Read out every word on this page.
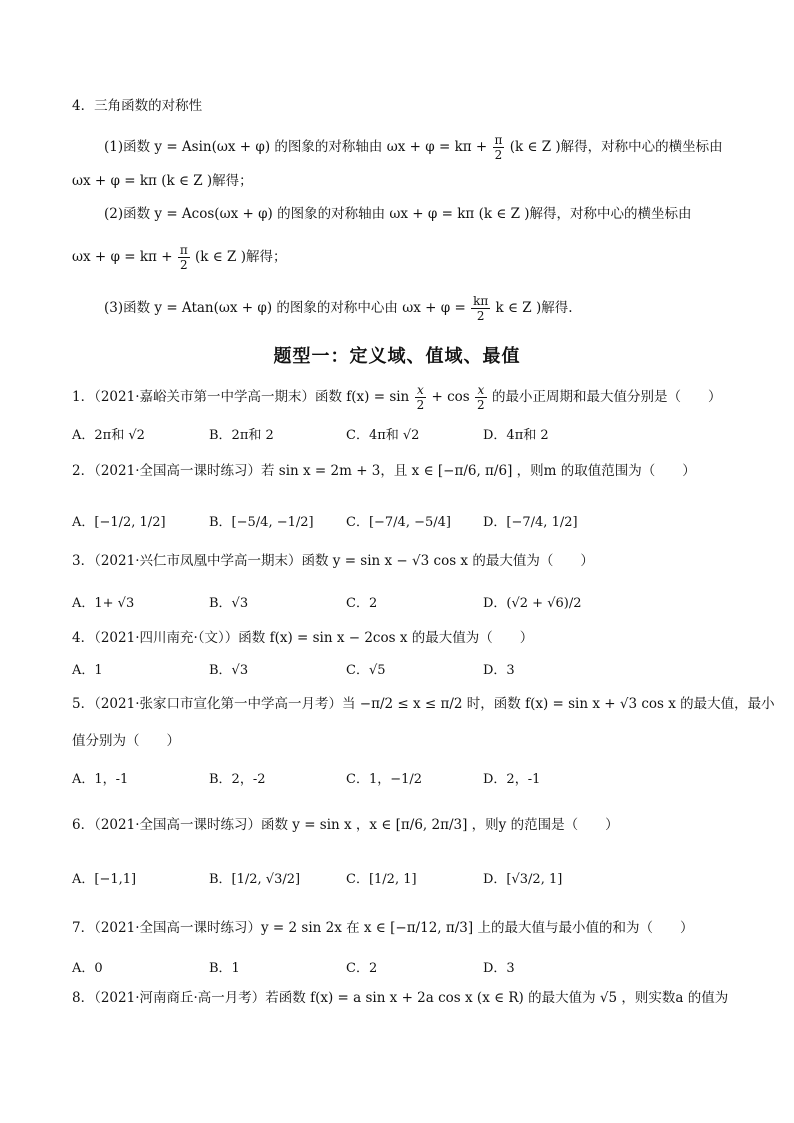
4．三角函数的对称性
(1)函数 y = Asin(ωx + φ) 的图象的对称轴由 $\omega x + \varphi = k\pi + \frac{\pi}{2} (k$ ∈ Z )解得，对称中心的横坐标由
ωx + φ = kπ (k ∈ Z )解得；
(2)函数 y = Acos(ωx + φ) 的图象的对称轴由 ωx + φ = kπ (k ∈ Z )解得，对称中心的横坐标由
$\omega x + \varphi = k\pi + \frac{\pi}{2} (k$ ∈ Z )解得；
(3)函数 y = Atan(ωx + φ) 的图象的对称中心由 $\omega x + \varphi = \frac{k\pi}{2}$ k ∈ Z )解得.
题型一：定义域、值域、最值
1．（2021·嘉峪关市第一中学高一期末）函数 $f(x) = \sin \frac{x}{2} + \cos \frac{x}{2}$ 的最小正周期和最大值分别是（　　）
A．2π和 √2	B．2π和 2	C．4π和 √2	D．4π和 2
2．（2021·全国高一课时练习）若 sin x = 2m + 3，且 x ∈ [−π/6, π/6] ，则m 的取值范围为（　　）
A．[−1/2, 1/2]	B．[−5/4, −1/2]	C．[−7/4, −5/4]	D．[−7/4, 1/2]
3．（2021·兴仁市凤凰中学高一期末）函数 y = sin x − √3 cos x 的最大值为（　　）
A．1+ √3	B．√3	C．2	D．(√2 + √6)/2
4．（2021·四川南充·（文））函数 f(x) = sin x − 2cos x 的最大值为（　　）
A．1	B．√3	C．√5	D．3
5．（2021·张家口市宣化第一中学高一月考）当 −π/2 ≤ x ≤ π/2 时，函数 f(x) = sin x + √3 cos x 的最大值，最小
值分别为（　　）
A．1，-1	B．2，-2	C．1，−1/2	D．2，-1
6．（2021·全国高一课时练习）函数 y = sin x ，x ∈ [π/6, 2π/3] ，则y 的范围是（　　）
A．[−1,1]	B．[1/2, √3/2]	C．[1/2, 1]	D．[√3/2, 1]
7．（2021·全国高一课时练习）y = 2 sin 2x 在 x ∈ [−π/12, π/3] 上的最大值与最小值的和为（　　）
A．0	B．1	C．2	D．3
8．（2021·河南商丘·高一月考）若函数 f(x) = a sin x + 2a cos x (x ∈ R) 的最大值为 √5 ，则实数a 的值为
